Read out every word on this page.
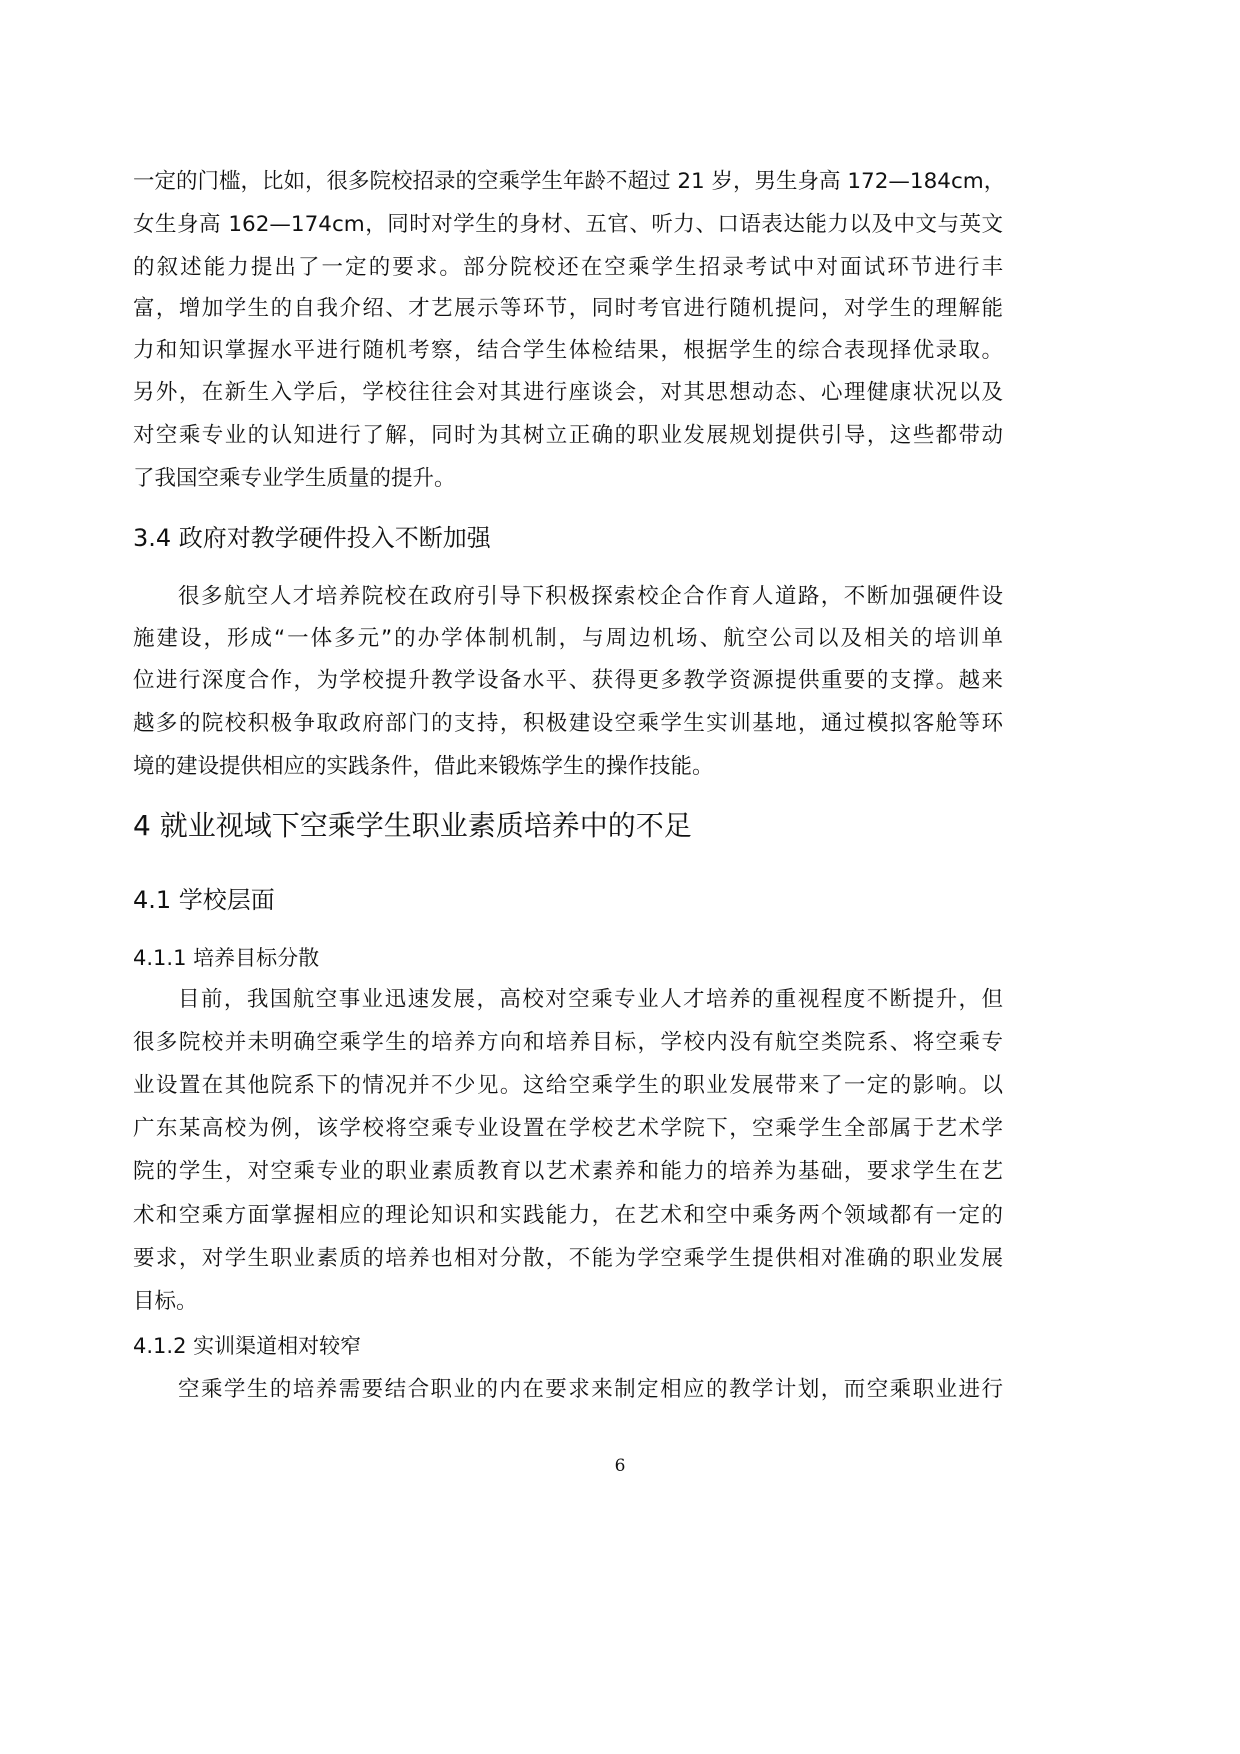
一定的门槛，比如，很多院校招录的空乘学生年龄不超过 21 岁，男生身高 172—184cm，
女生身高 162—174cm，同时对学生的身材、五官、听力、口语表达能力以及中文与英文
的叙述能力提出了一定的要求。部分院校还在空乘学生招录考试中对面试环节进行丰
富，增加学生的自我介绍、才艺展示等环节，同时考官进行随机提问，对学生的理解能
力和知识掌握水平进行随机考察，结合学生体检结果，根据学生的综合表现择优录取。
另外，在新生入学后，学校往往会对其进行座谈会，对其思想动态、心理健康状况以及
对空乘专业的认知进行了解，同时为其树立正确的职业发展规划提供引导，这些都带动
了我国空乘专业学生质量的提升。
3.4 政府对教学硬件投入不断加强
很多航空人才培养院校在政府引导下积极探索校企合作育人道路，不断加强硬件设
施建设，形成“一体多元”的办学体制机制，与周边机场、航空公司以及相关的培训单
位进行深度合作，为学校提升教学设备水平、获得更多教学资源提供重要的支撑。越来
越多的院校积极争取政府部门的支持，积极建设空乘学生实训基地，通过模拟客舱等环
境的建设提供相应的实践条件，借此来锻炼学生的操作技能。
4 就业视域下空乘学生职业素质培养中的不足
4.1 学校层面
4.1.1 培养目标分散
目前，我国航空事业迅速发展，高校对空乘专业人才培养的重视程度不断提升，但
很多院校并未明确空乘学生的培养方向和培养目标，学校内没有航空类院系、将空乘专
业设置在其他院系下的情况并不少见。这给空乘学生的职业发展带来了一定的影响。以
广东某高校为例，该学校将空乘专业设置在学校艺术学院下，空乘学生全部属于艺术学
院的学生，对空乘专业的职业素质教育以艺术素养和能力的培养为基础，要求学生在艺
术和空乘方面掌握相应的理论知识和实践能力，在艺术和空中乘务两个领域都有一定的
要求，对学生职业素质的培养也相对分散，不能为学空乘学生提供相对准确的职业发展
目标。
4.1.2 实训渠道相对较窄
空乘学生的培养需要结合职业的内在要求来制定相应的教学计划，而空乘职业进行
6
